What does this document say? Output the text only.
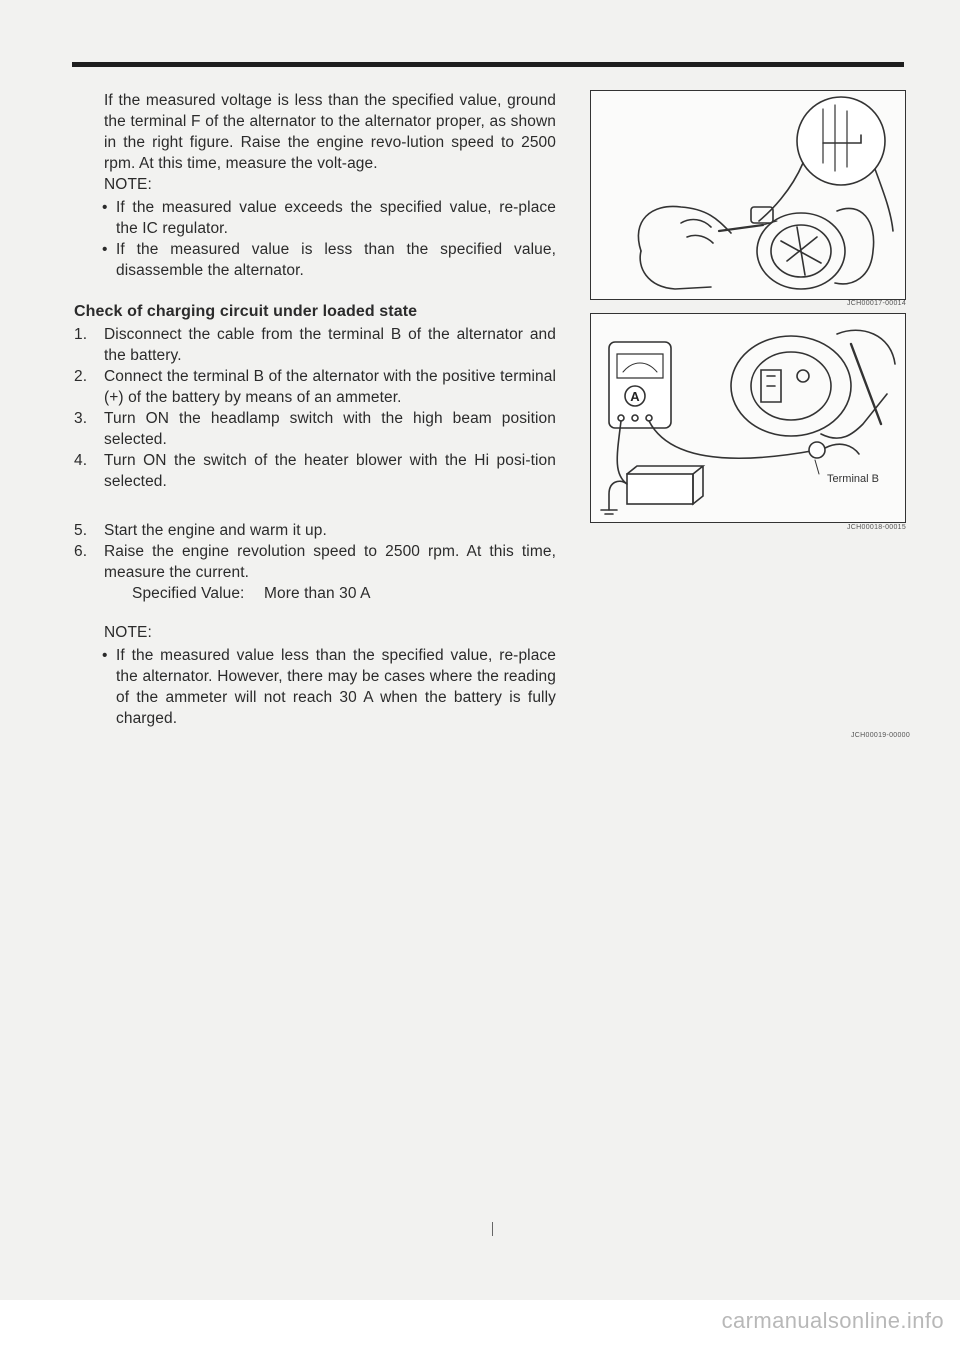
If the measured voltage is less than the specified value, ground the terminal F of the alternator to the alternator proper, as shown in the right figure. Raise the engine revo-lution speed to 2500 rpm. At this time, measure the volt-age.

NOTE:
• If the measured value exceeds the specified value, re-place the IC regulator.
• If the measured value is less than the specified value, disassemble the alternator.
Check of charging circuit under loaded state
1.	Disconnect the cable from the terminal B of the alternator and the battery.
2.	Connect the terminal B of the alternator with the positive terminal (+) of the battery by means of an ammeter.
3.	Turn ON the headlamp switch with the high beam position selected.
4.	Turn ON the switch of the heater blower with the Hi posi-tion selected.
5.	Start the engine and warm it up.
6.	Raise the engine revolution speed to 2500 rpm. At this time, measure the current.
Specified Value: More than 30 A
NOTE:
• If the measured value less than the specified value, re-place the alternator. However, there may be cases where the reading of the ammeter will not reach 30 A when the battery is fully charged.
JCH00017-00014
A
Terminal B
JCH00018-00015
JCH00019-00000
carmanualsonline.info
